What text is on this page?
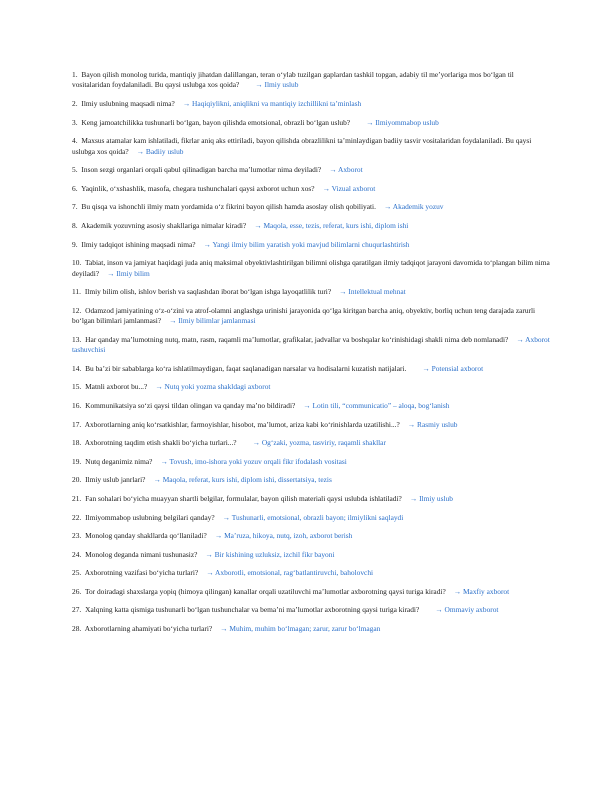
1. Bayon qilish monolog turida, mantiqiy jihatdan dalillangan, teran o‘ylab tuzilgan gaplardan tashkil topgan, adabiy til me’yorlariga mos bo‘lgan til vositalaridan foydalaniladi. Bu qaysi uslubga xos qoida? → Ilmiy uslub

2. Ilmiy uslubning maqsadi nima? → Haqiqiylikni, aniqlikni va mantiqiy izchillikni ta’minlash

3. Keng jamoatchilikka tushunarli bo‘lgan, bayon qilishda emotsional, obrazli bo‘lgan uslub? → Ilmiyommabop uslub

4. Maxsus atamalar kam ishlatiladi, fikrlar aniq aks ettiriladi, bayon qilishda obrazlilikni ta’minlaydigan badiiy tasvir vositalaridan foydalaniladi. Bu qaysi uslubga xos qoida? → Badiiy uslub

5. Inson sezgi organlari orqali qabul qilinadigan barcha ma’lumotlar nima deyiladi? → Axborot

6. Yaqinlik, o‘xshashlik, masofa, chegara tushunchalari qaysi axborot uchun xos? → Vizual axborot

7. Bu qisqa va ishonchli ilmiy matn yordamida o‘z fikrini bayon qilish hamda asoslay olish qobiliyati. → Akademik yozuv

8. Akademik yozuvning asosiy shakllariga nimalar kiradi? → Maqola, esse, tezis, referat, kurs ishi, diplom ishi

9. Ilmiy tadqiqot ishining maqsadi nima? → Yangi ilmiy bilim yaratish yoki mavjud bilimlarni chuqurlashtirish

10. Tabiat, inson va jamiyat haqidagi juda aniq maksimal obyektivlashtirilgan bilimni olishga qaratilgan ilmiy tadqiqot jarayoni davomida to‘plangan bilim nima deyiladi? → Ilmiy bilim

11. Ilmiy bilim olish, ishlov berish va saqlashdan iborat bo‘lgan ishga layoqatlilik turi? → Intellektual mehnat

12. Odamzod jamiyatining o‘z-o‘zini va atrof-olamni anglashga urinishi jarayonida qo‘lga kiritgan barcha aniq, obyektiv, borliq uchun teng darajada zarurli bo‘lgan bilimlari jamlanmasi? → Ilmiy bilimlar jamlanmasi

13. Har qanday ma’lumotning nutq, matn, rasm, raqamli ma’lumotlar, grafikalar, jadvallar va boshqalar ko‘rinishidagi shakli nima deb nomlanadi? → Axborot tashuvchisi

14. Bu ba’zi bir sabablarga ko‘ra ishlatilmaydigan, faqat saqlanadigan narsalar va hodisalarni kuzatish natijalari. → Potensial axborot

15. Matnli axborot bu...? → Nutq yoki yozma shakldagi axborot

16. Kommunikatsiya so‘zi qaysi tildan olingan va qanday ma’no bildiradi? → Lotin tili, “communicatio” – aloqa, bog‘lanish

17. Axborotlarning aniq ko‘rsatkishlar, farmoyishlar, hisobot, ma’lumot, ariza kabi ko‘rinishlarda uzatilishi...? → Rasmiy uslub

18. Axborotning taqdim etish shakli bo‘yicha turlari...? → Og‘zaki, yozma, tasviriy, raqamli shakllar

19. Nutq deganimiz nima? → Tovush, imo-ishora yoki yozuv orqali fikr ifodalash vositasi

20. Ilmiy uslub janrlari? → Maqola, referat, kurs ishi, diplom ishi, dissertatsiya, tezis

21. Fan sohalari bo‘yicha muayyan shartli belgilar, formulalar, bayon qilish materiali qaysi uslubda ishlatiladi? → Ilmiy uslub

22. Ilmiyommabop uslubning belgilari qanday? → Tushunarli, emotsional, obrazli bayon; ilmiylikni saqlaydi

23. Monolog qanday shakllarda qo‘llaniladi? → Ma’ruza, hikoya, nutq, izoh, axborot berish

24. Monolog deganda nimani tushunasiz? → Bir kishining uzluksiz, izchil fikr bayoni

25. Axborotning vazifasi bo‘yicha turlari? → Axborotli, emotsional, rag‘batlantiruvchi, baholovchi

26. Tor doiradagi shaxslarga yopiq (himoya qilingan) kanallar orqali uzatiluvchi ma’lumotlar axborotning qaysi turiga kiradi? → Maxfiy axborot

27. Xalqning katta qismiga tushunarli bo‘lgan tushunchalar va bema’ni ma’lumotlar axborotning qaysi turiga kiradi? → Ommaviy axborot

28. Axborotlarning ahamiyati bo‘yicha turlari? → Muhim, muhim bo‘lmagan; zarur, zarur bo‘lmagan
